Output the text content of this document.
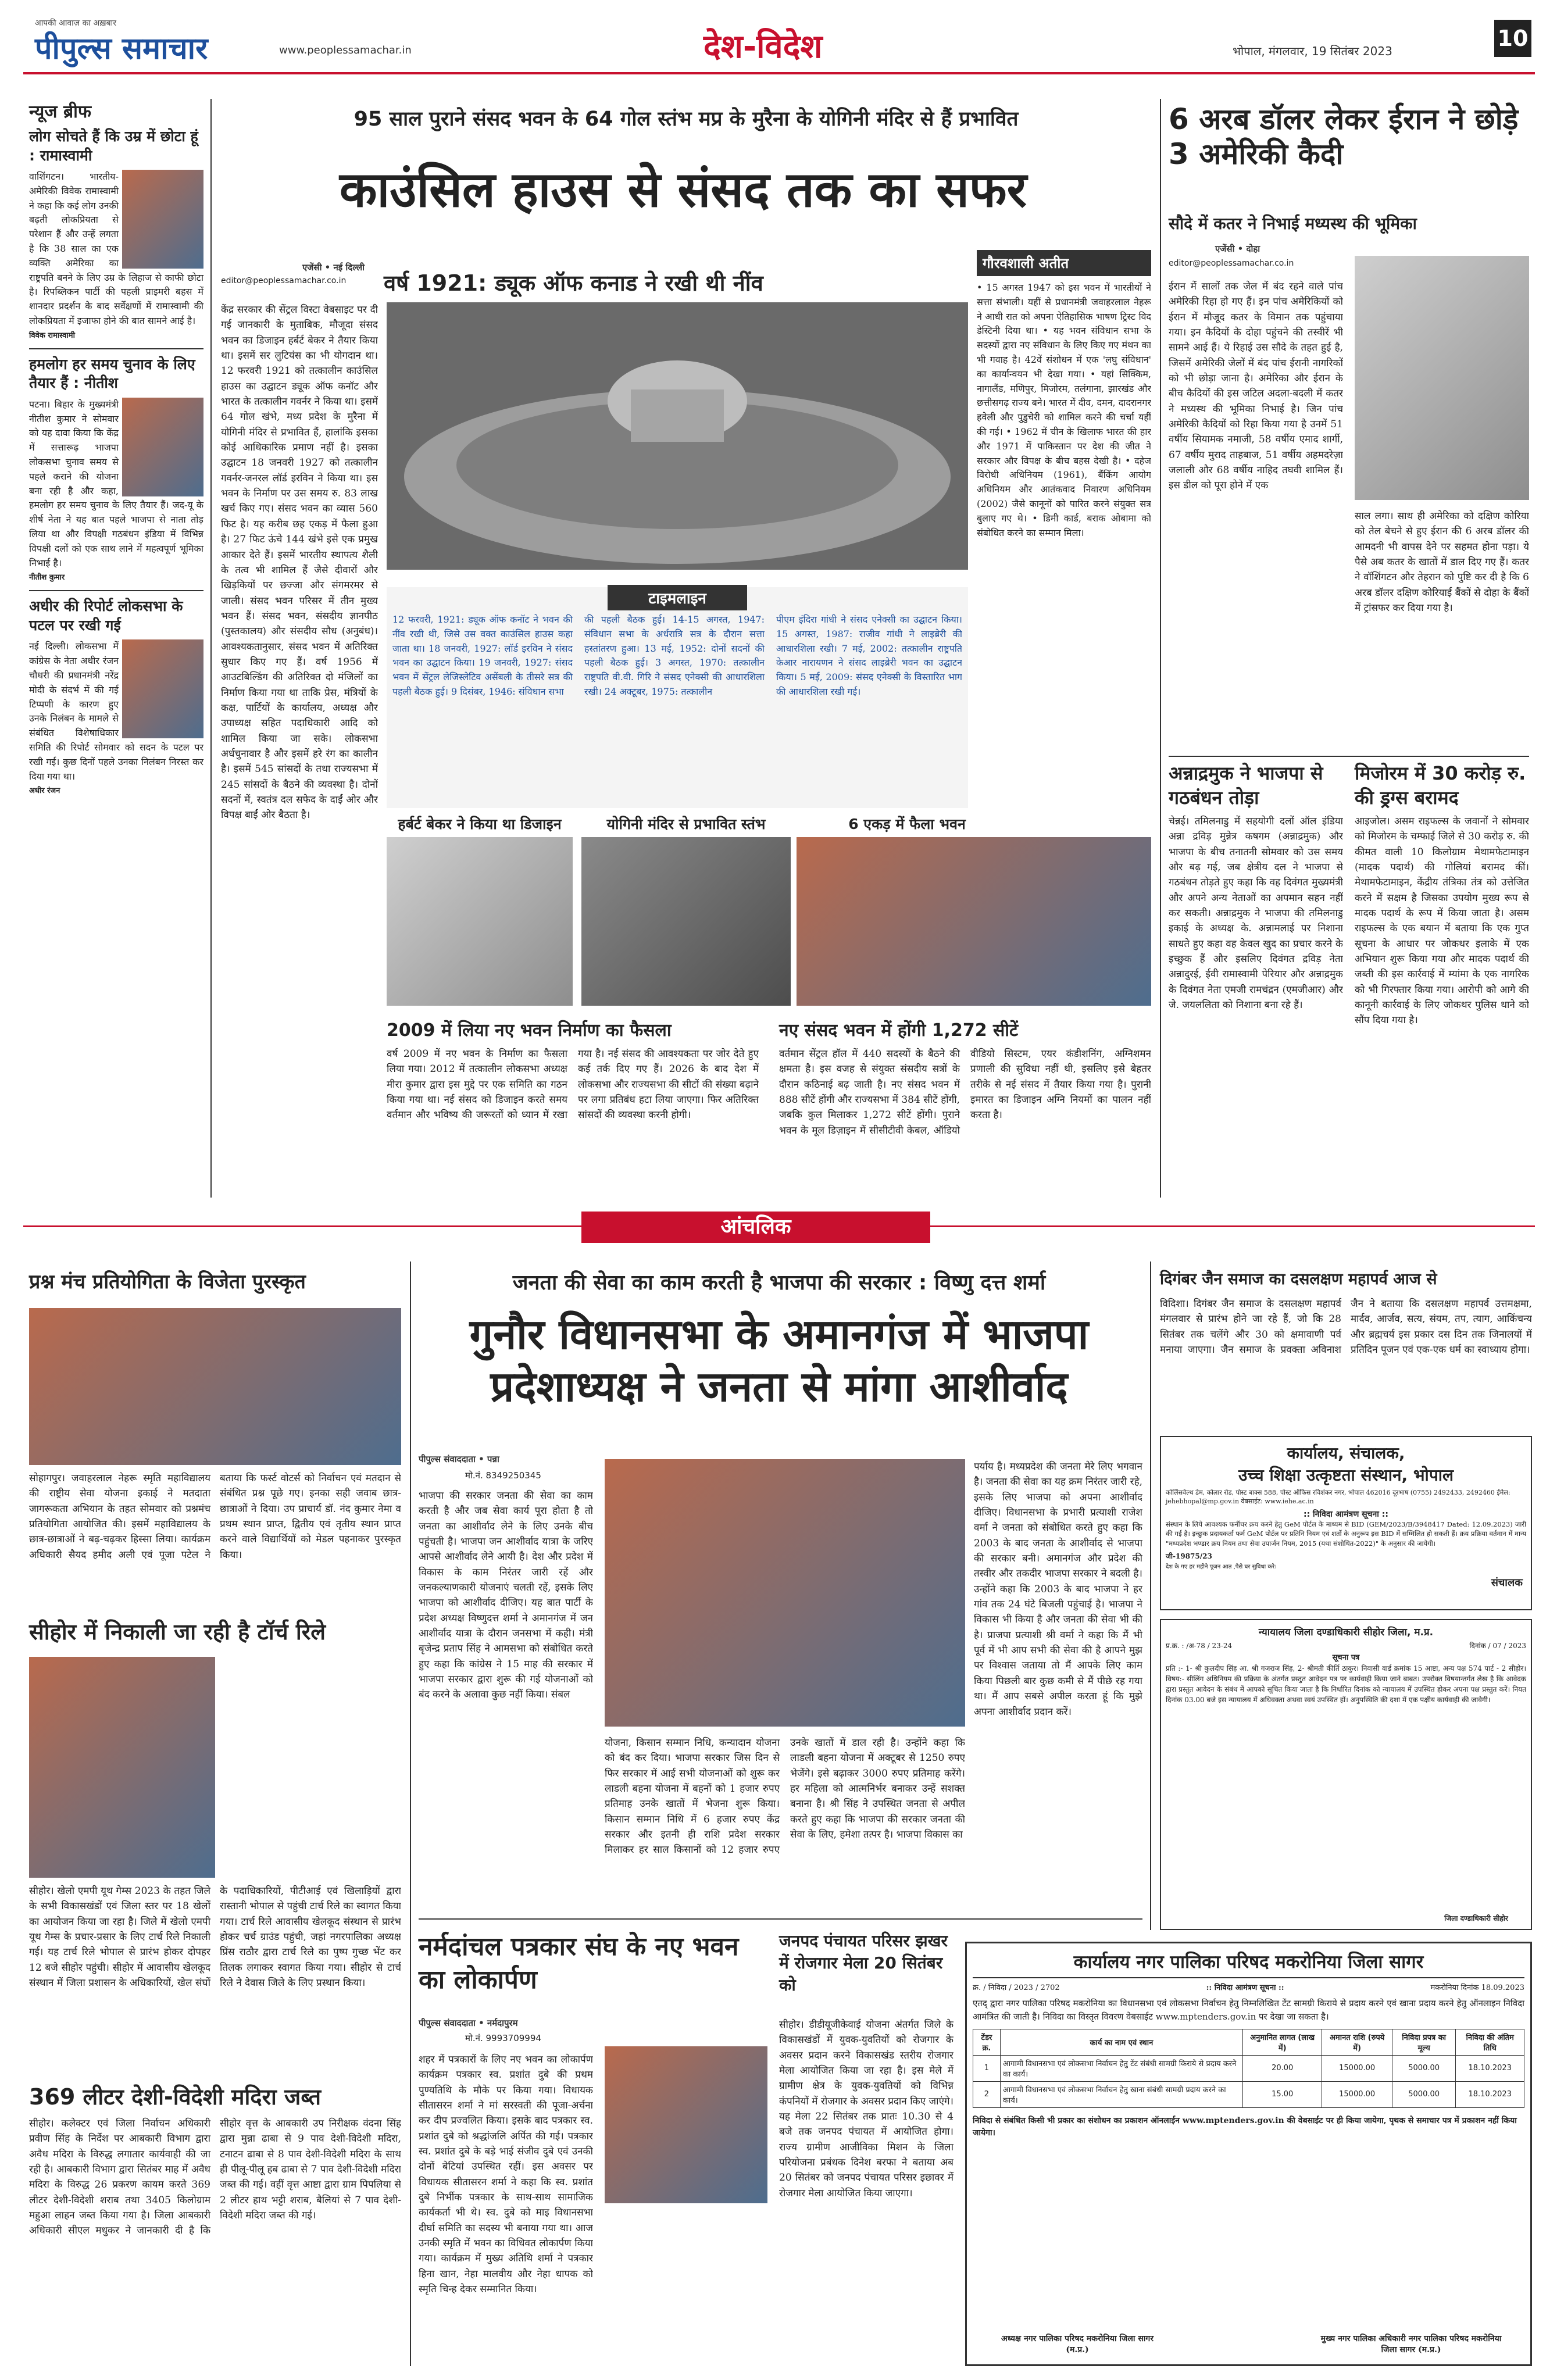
आपकी आवाज़ का अख़बार
पीपुल्स समाचार	www.peoplessamachar.in	देश-विदेश	भोपाल, मंगलवार, 19 सितंबर 2023	10
न्यूज ब्रीफ
लोग सोचते हैं कि उम्र में छोटा हूं : रामास्वामी
वाशिंगटन। भारतीय-अमेरिकी विवेक रामास्वामी ने कहा कि कई लोग उनकी बढ़ती लोकप्रियता से परेशान हैं और उन्हें लगता है कि 38 साल का एक व्यक्ति अमेरिका का राष्ट्रपति बनने के लिए उम्र के लिहाज से काफी छोटा है। रिपब्लिकन पार्टी की पहली प्राइमरी बहस में शानदार प्रदर्शन के बाद सर्वेक्षणों में रामास्वामी की लोकप्रियता में इजाफा होने की बात सामने आई है।
विवेक रामास्वामी
हमलोग हर समय चुनाव के लिए तैयार हैं : नीतीश
पटना। बिहार के मुख्यमंत्री नीतीश कुमार ने सोमवार को यह दावा किया कि केंद्र में सत्तारूढ़ भाजपा लोकसभा चुनाव समय से पहले कराने की योजना बना रही है और कहा, हमलोग हर समय चुनाव के लिए तैयार हैं। जद-यू के शीर्ष नेता ने यह बात पहले भाजपा से नाता तोड़ लिया था और विपक्षी गठबंधन इंडिया में विभिन्न विपक्षी दलों को एक साथ लाने में महत्वपूर्ण भूमिका निभाई है।
नीतीश कुमार
अधीर की रिपोर्ट लोकसभा के पटल पर रखी गई
नई दिल्ली। लोकसभा में कांग्रेस के नेता अधीर रंजन चौधरी की प्रधानमंत्री नरेंद्र मोदी के संदर्भ में की गई टिप्पणी के कारण हुए उनके निलंबन के मामले से संबंधित विशेषाधिकार समिति की रिपोर्ट सोमवार को सदन के पटल पर रखी गई। कुछ दिनों पहले उनका निलंबन निरस्त कर दिया गया था।
अधीर रंजन
95 साल पुराने संसद भवन के 64 गोल स्तंभ मप्र के मुरैना के योगिनी मंदिर से हैं प्रभावित
काउंसिल हाउस से संसद तक का सफर
एजेंसी • नई दिल्ली
editor@peoplessamachar.co.in वर्ष 1921: ड्यूक ऑफ कनाड ने रखी थी नींव
केंद्र सरकार की सेंट्रल विस्टा वेबसाइट पर दी गई जानकारी के मुताबिक, मौजूदा संसद भवन का डिजाइन हर्बर्ट बेकर ने तैयार किया था। इसमें सर लुटियंस का भी योगदान था। 12 फरवरी 1921 को तत्कालीन काउंसिल हाउस का उद्घाटन ड्यूक ऑफ कनॉट और भारत के तत्कालीन गवर्नर ने किया था। इसमें 64 गोल खंभे, मध्य प्रदेश के मुरैना में योगिनी मंदिर से प्रभावित हैं, हालांकि इसका कोई आधिकारिक प्रमाण नहीं है। इसका उद्घाटन 18 जनवरी 1927 को तत्कालीन गवर्नर-जनरल लॉर्ड इरविन ने किया था। इस भवन के निर्माण पर उस समय रु. 83 लाख खर्च किए गए। संसद भवन का व्यास 560 फिट है। यह करीब छह एकड़ में फैला हुआ है। 27 फिट ऊंचे 144 खंभे इसे एक प्रमुख आकार देते हैं। इसमें भारतीय स्थापत्य शैली के तत्व भी शामिल हैं जैसे दीवारों और खिड़कियों पर छज्जा और संगमरमर से जाली। संसद भवन परिसर में तीन मुख्य भवन हैं। संसद भवन, संसदीय ज्ञानपीठ (पुस्तकालय) और संसदीय सौध (अनुबंध)। आवश्यकतानुसार, संसद भवन में अतिरिक्त सुधार किए गए हैं। वर्ष 1956 में आउटबिल्डिंग की अतिरिक्त दो मंजिलों का निर्माण किया गया था ताकि प्रेस, मंत्रियों के कक्ष, पार्टियों के कार्यालय, अध्यक्ष और उपाध्यक्ष सहित पदाधिकारी आदि को शामिल किया जा सके। लोकसभा अर्धचुनावार है और इसमें हरे रंग का कालीन है। इसमें 545 सांसदों के तथा राज्यसभा में 245 सांसदों के बैठने की व्यवस्था है। दोनों सदनों में, स्वतंत्र दल सफेद के दाईं ओर और विपक्ष बाईं ओर बैठता है।
टाइमलाइन
12 फरवरी, 1921: ड्यूक ऑफ कनॉट ने भवन की नींव रखी थी, जिसे उस वक्त काउंसिल हाउस कहा जाता था। 18 जनवरी, 1927: लॉर्ड इरविन ने संसद भवन का उद्घाटन किया। 19 जनवरी, 1927: संसद भवन में सेंट्रल लेजिस्लेटिव असेंबली के तीसरे सत्र की पहली बैठक हुई। 9 दिसंबर, 1946: संविधान सभा
की पहली बैठक हुई। 14-15 अगस्त, 1947: संविधान सभा के अर्धरात्रि सत्र के दौरान सत्ता हस्तांतरण हुआ। 13 मई, 1952: दोनों सदनों की पहली बैठक हुई। 3 अगस्त, 1970: तत्कालीन राष्ट्रपति वी.वी. गिरि ने संसद एनेक्सी की आधारशिला रखी। 24 अक्टूबर, 1975: तत्कालीन
पीएम इंदिरा गांधी ने संसद एनेक्सी का उद्घाटन किया। 15 अगस्त, 1987: राजीव गांधी ने लाइब्रेरी की आधारशिला रखी। 7 मई, 2002: तत्कालीन राष्ट्रपति केआर नारायणन ने संसद लाइब्रेरी भवन का उद्घाटन किया। 5 मई, 2009: संसद एनेक्सी के विस्तारित भाग की आधारशिला रखी गई।
गौरवशाली अतीत
• 15 अगस्त 1947 को इस भवन में भारतीयों ने सत्ता संभाली। यहीं से प्रधानमंत्री जवाहरलाल नेहरू ने आधी रात को अपना ऐतिहासिक भाषण ट्रिस्ट विद डेस्टिनी दिया था। • यह भवन संविधान सभा के सदस्यों द्वारा नए संविधान के लिए किए गए मंथन का भी गवाह है। 42वें संशोधन में एक 'लघु संविधान' का कार्यान्वयन भी देखा गया। • यहां सिक्किम, नागालैंड, मणिपुर, मिजोरम, तलंगाना, झारखंड और छत्तीसगढ़ राज्य बने। भारत में दीव, दमन, दादरानगर हवेली और पुडुचेरी को शामिल करने की चर्चा यहीं की गई। • 1962 में चीन के खिलाफ भारत की हार और 1971 में पाकिस्तान पर देश की जीत ने सरकार और विपक्ष के बीच बहस देखी है। • दहेज विरोधी अधिनियम (1961), बैंकिंग आयोग अधिनियम और आतंकवाद निवारण अधिनियम (2002) जैसे कानूनों को पारित करने संयुक्त सत्र बुलाए गए थे। • डिमी कार्ड, बराक ओबामा को संबोधित करने का सम्मान मिला।
हर्बर्ट बेकर ने किया था डिजाइन	योगिनी मंदिर से प्रभावित स्तंभ	6 एकड़ में फैला भवन
2009 में लिया नए भवन निर्माण का फैसला
वर्ष 2009 में नए भवन के निर्माण का फैसला लिया गया। 2012 में तत्कालीन लोकसभा अध्यक्ष मीरा कुमार द्वारा इस मुद्दे पर एक समिति का गठन किया गया था। नई संसद को डिजाइन करते समय वर्तमान और भविष्य की जरूरतों को ध्यान में रखा गया है। नई संसद की आवश्यकता पर जोर देते हुए कई तर्क दिए गए हैं। 2026 के बाद देश में लोकसभा और राज्यसभा की सीटों की संख्या बढ़ाने पर लगा प्रतिबंध हटा लिया जाएगा। फिर अतिरिक्त सांसदों की व्यवस्था करनी होगी।
नए संसद भवन में होंगी 1,272 सीटें
वर्तमान सेंट्रल हॉल में 440 सदस्यों के बैठने की क्षमता है। इस वजह से संयुक्त संसदीय सत्रों के दौरान कठिनाई बढ़ जाती है। नए संसद भवन में 888 सीटें होंगी और राज्यसभा में 384 सीटें होंगी, जबकि कुल मिलाकर 1,272 सीटें होंगी। पुराने भवन के मूल डिज़ाइन में सीसीटीवी केबल, ऑडियो वीडियो सिस्टम, एयर कंडीशनिंग, अग्निशमन प्रणाली की सुविधा नहीं थी, इसलिए इसे बेहतर तरीके से नई संसद में तैयार किया गया है। पुरानी इमारत का डिजाइन अग्नि नियमों का पालन नहीं करता है।
6 अरब डॉलर लेकर ईरान ने छोड़े 3 अमेरिकी कैदी
सौदे में कतर ने निभाई मध्यस्थ की भूमिका
एजेंसी • दोहा
editor@peoplessamachar.co.in
ईरान में सालों तक जेल में बंद रहने वाले पांच अमेरिकी रिहा हो गए हैं। इन पांच अमेरिकियों को ईरान में मौजूद कतर के विमान तक पहुंचाया गया। इन कैदियों के दोहा पहुंचने की तस्वीरें भी सामने आई हैं। ये रिहाई उस सौदे के तहत हुई है, जिसमें अमेरिकी जेलों में बंद पांच ईरानी नागरिकों को भी छोड़ा जाना है। अमेरिका और ईरान के बीच कैदियों की इस जटिल अदला-बदली में कतर ने मध्यस्थ की भूमिका निभाई है। जिन पांच अमेरिकी कैदियों को रिहा किया गया है उनमें 51 वर्षीय सियामक नमाजी, 58 वर्षीय एमाद शार्गी, 67 वर्षीय मुराद ताहबाज, 51 वर्षीय अहमदरेज़ा जलाली और 68 वर्षीय नाहिद तघवी शामिल हैं। इस डील को पूरा होने में एक
साल लगा। साथ ही अमेरिका को दक्षिण कोरिया को तेल बेचने से हुए ईरान की 6 अरब डॉलर की आमदनी भी वापस देने पर सहमत होना पड़ा। ये पैसे अब कतर के खातों में डाल दिए गए हैं। कतर ने वॉशिंगटन और तेहरान को पुष्टि कर दी है कि 6 अरब डॉलर दक्षिण कोरियाई बैंकों से दोहा के बैंकों में ट्रांसफर कर दिया गया है।
अन्नाद्रमुक ने भाजपा से गठबंधन तोड़ा
चेन्नई। तमिलनाडु में सहयोगी दलों ऑल इंडिया अन्ना द्रविड़ मुन्नेत्र कषगम (अन्नाद्रमुक) और भाजपा के बीच तनातनी सोमवार को उस समय और बढ़ गई, जब क्षेत्रीय दल ने भाजपा से गठबंधन तोड़ते हुए कहा कि वह दिवंगत मुख्यमंत्री और अपने अन्य नेताओं का अपमान सहन नहीं कर सकती। अन्नाद्रमुक ने भाजपा की तमिलनाडु इकाई के अध्यक्ष के. अन्नामलाई पर निशाना साधते हुए कहा वह केवल खुद का प्रचार करने के इच्छुक हैं और इसलिए दिवंगत द्रविड़ नेता अन्नादुरई, ईवी रामास्वामी पेरियार और अन्नाद्रमुक के दिवंगत नेता एमजी रामचंद्रन (एमजीआर) और जे. जयललिता को निशाना बना रहे हैं।
मिजोरम में 30 करोड़ रु. की ड्रग्स बरामद
आइजोल। असम राइफल्स के जवानों ने सोमवार को मिजोरम के चम्फाई जिले से 30 करोड़ रु. की कीमत वाली 10 किलोग्राम मेथामफेटामाइन (मादक पदार्थ) की गोलियां बरामद कीं। मेथामफेटामाइन, केंद्रीय तंत्रिका तंत्र को उत्तेजित करने में सक्षम है जिसका उपयोग मुख्य रूप से मादक पदार्थ के रूप में किया जाता है। असम राइफल्स के एक बयान में बताया कि एक गुप्त सूचना के आधार पर जोकथर इलाके में एक अभियान शुरू किया गया और मादक पदार्थ की जब्ती की इस कार्रवाई में म्यांमा के एक नागरिक को भी गिरफ्तार किया गया। आरोपी को आगे की कानूनी कार्रवाई के लिए जोकथर पुलिस थाने को सौंप दिया गया है।
आंचलिक
प्रश्न मंच प्रतियोगिता के विजेता पुरस्कृत
सोहागपुर। जवाहरलाल नेहरू स्मृति महाविद्यालय की राष्ट्रीय सेवा योजना इकाई ने मतदाता जागरूकता अभियान के तहत सोमवार को प्रश्नमंच प्रतियोगिता आयोजित की। इसमें महाविद्यालय के छात्र-छात्राओं ने बढ़-चढ़कर हिस्सा लिया। कार्यक्रम अधिकारी सैयद हमीद अली एवं पूजा पटेल ने बताया कि फर्स्ट वोटर्स को निर्वाचन एवं मतदान से संबंधित प्रश्न पूछे गए। इनका सही जवाब छात्र-छात्राओं ने दिया। उप प्राचार्य डॉ. नंद कुमार नेमा व प्रथम स्थान प्राप्त, द्वितीय एवं तृतीय स्थान प्राप्त करने वाले विद्यार्थियों को मेडल पहनाकर पुरस्कृत किया।
सीहोर में निकाली जा रही है टॉर्च रिले
सीहोर। खेलो एमपी यूथ गेम्स 2023 के तहत जिले के सभी विकासखंडों एवं जिला स्तर पर 18 खेलों का आयोजन किया जा रहा है। जिले में खेलो एमपी यूथ गेम्स के प्रचार-प्रसार के लिए टार्च रिले निकाली गई। यह टार्च रिले भोपाल से प्रारंभ होकर दोपहर 12 बजे सीहोर पहुंची। सीहोर में आवासीय खेलकूद संस्थान में जिला प्रशासन के अधिकारियों, खेल संघों के पदाधिकारियों, पीटीआई एवं खिलाड़ियों द्वारा रास्तानी भोपाल से पहुंची टार्च रिले का स्वागत किया गया। टार्च रिले आवासीय खेलकूद संस्थान से प्रारंभ होकर चर्च ग्राउंड पहुंची, जहां नगरपालिका अध्यक्ष प्रिंस राठौर द्वारा टार्च रिले का पुष्प गुच्छ भेंट कर तिलक लगाकर स्वागत किया गया। सीहोर से टार्च रिले ने देवास जिले के लिए प्रस्थान किया।
369 लीटर देशी-विदेशी मदिरा जब्त
सीहोर। कलेक्टर एवं जिला निर्वाचन अधिकारी प्रवीण सिंह के निर्देश पर आबकारी विभाग द्वारा अवैध मदिरा के विरुद्ध लगातार कार्यवाही की जा रही है। आबकारी विभाग द्वारा सितंबर माह में अवैध मदिरा के विरुद्ध 26 प्रकरण कायम करते 369 लीटर देशी-विदेशी शराब तथा 3405 किलोग्राम महुआ लाहन जब्त किया गया है। जिला आबकारी अधिकारी सीएल मधुकर ने जानकारी दी है कि सीहोर वृत्त के आबकारी उप निरीक्षक वंदना सिंह द्वारा मुन्ना ढाबा से 9 पाव देशी-विदेशी मदिरा, टनाटन ढाबा से 8 पाव देशी-विदेशी मदिरा के साथ ही पीलू-पीलू हब ढाबा से 7 पाव देशी-विदेशी मदिरा जब्त की गई। वहीं वृत्त आष्टा द्वारा ग्राम पिपलिया से 2 लीटर हाथ भट्टी शराब, बैलियां से 7 पाव देशी-विदेशी मदिरा जब्त की गई।
जनता की सेवा का काम करती है भाजपा की सरकार : विष्णु दत्त शर्मा
गुनौर विधानसभा के अमानगंज में भाजपा प्रदेशाध्यक्ष ने जनता से मांगा आशीर्वाद
पीपुल्स संवाददाता • पन्ना
मो.नं. 8349250345
भाजपा की सरकार जनता की सेवा का काम करती है और जब सेवा कार्य पूरा होता है तो जनता का आशीर्वाद लेने के लिए उनके बीच पहुंचती है। भाजपा जन आशीर्वाद यात्रा के जरिए आपसे आशीर्वाद लेने आयी है। देश और प्रदेश में विकास के काम निरंतर जारी रहें और जनकल्याणकारी योजनाएं चलती रहें, इसके लिए भाजपा को आशीर्वाद दीजिए। यह बात पार्टी के प्रदेश अध्यक्ष विष्णुदत्त शर्मा ने अमानगंज में जन आशीर्वाद यात्रा के दौरान जनसभा में कही। मंत्री बृजेन्द्र प्रताप सिंह ने आमसभा को संबोधित करते हुए कहा कि कांग्रेस ने 15 माह की सरकार में भाजपा सरकार द्वारा शुरू की गई योजनाओं को बंद करने के अलावा कुछ नहीं किया। संबल
योजना, किसान सम्मान निधि, कन्यादान योजना को बंद कर दिया। भाजपा सरकार जिस दिन से फिर सरकार में आई सभी योजनाओं को शुरू कर लाडली बहना योजना में बहनों को 1 हजार रुपए प्रतिमाह उनके खातों में भेजना शुरू किया। किसान सम्मान निधि में 6 हजार रुपए केंद्र सरकार और इतनी ही राशि प्रदेश सरकार मिलाकर हर साल किसानों को 12 हजार रुपए उनके खातों में डाल रही है। उन्होंने कहा कि लाडली बहना योजना में अक्टूबर से 1250 रुपए भेजेंगे। इसे बढ़ाकर 3000 रुपए प्रतिमाह करेंगे। हर महिला को आत्मनिर्भर बनाकर उन्हें सशक्त बनाना है। श्री सिंह ने उपस्थित जनता से अपील करते हुए कहा कि भाजपा की सरकार जनता की सेवा के लिए, हमेशा तत्पर है। भाजपा विकास का
पर्याय है। मध्यप्रदेश की जनता मेरे लिए भगवान है। जनता की सेवा का यह क्रम निरंतर जारी रहे, इसके लिए भाजपा को अपना आशीर्वाद दीजिए। विधानसभा के प्रभारी प्रत्याशी राजेश वर्मा ने जनता को संबोधित करते हुए कहा कि 2003 के बाद जनता के आशीर्वाद से भाजपा की सरकार बनी। अमानगंज और प्रदेश की तस्वीर और तकदीर भाजपा सरकार ने बदली है। उन्होंने कहा कि 2003 के बाद भाजपा ने हर गांव तक 24 घंटे बिजली पहुंचाई है। भाजपा ने विकास भी किया है और जनता की सेवा भी की है। प्राजपा प्रत्याशी श्री वर्मा ने कहा कि मैं भी पूर्व में भी आप सभी की सेवा की है आपने मुझ पर विश्वास जताया तो मैं आपके लिए काम किया पिछली बार कुछ कमी से मैं पीछे रह गया था। मैं आप सबसे अपील करता हूं कि मुझे अपना आशीर्वाद प्रदान करें।
नर्मदांचल पत्रकार संघ के नए भवन का लोकार्पण
पीपुल्स संवाददाता • नर्मदापुरम
मो.नं. 9993709994
शहर में पत्रकारों के लिए नए भवन का लोकार्पण कार्यक्रम पत्रकार स्व. प्रशांत दुबे की प्रथम पुण्यतिथि के मौके पर किया गया। विधायक सीतासरन शर्मा ने मां सरस्वती की पूजा-अर्चना कर दीप प्रज्वलित किया। इसके बाद पत्रकार स्व. प्रशांत दुबे को श्रद्धांजलि अर्पित की गई। पत्रकार स्व. प्रशांत दुबे के बड़े भाई संजीव दुबे एवं उनकी दोनों बेटियां उपस्थित रहीं। इस अवसर पर विधायक सीतासरन शर्मा ने कहा कि स्व. प्रशांत दुबे निर्भीक पत्रकार के साथ-साथ सामाजिक कार्यकर्ता भी थे। स्व. दुबे को माइ विधानसभा दीर्घा समिति का सदस्य भी बनाया गया था। आज उनकी स्मृति में भवन का विधिवत लोकार्पण किया गया। कार्यक्रम में मुख्य अतिथि शर्मा ने पत्रकार हिना खान, नेहा मालवीय और नेहा धापक को स्मृति चिन्ह देकर सम्मानित किया।
जनपद पंचायत परिसर झखर में रोजगार मेला 20 सितंबर को
सीहोर। डीडीयूजीकेवाई योजना अंतर्गत जिले के विकासखंडों में युवक-युवतियों को रोजगार के अवसर प्रदान करने विकासखंड स्तरीय रोजगार मेला आयोजित किया जा रहा है। इस मेले में ग्रामीण क्षेत्र के युवक-युवतियों को विभिन्न कंपनियों में रोजगार के अवसर प्रदान किए जाएंगे। यह मेला 22 सितंबर तक प्रातः 10.30 से 4 बजे तक जनपद पंचायत में आयोजित होगा। राज्य ग्रामीण आजीविका मिशन के जिला परियोजना प्रबंधक दिनेश बरफा ने बताया अब 20 सितंबर को जनपद पंचायत परिसर इछावर में रोजगार मेला आयोजित किया जाएगा।
दिगंबर जैन समाज का दसलक्षण महापर्व आज से
विदिशा। दिगंबर जैन समाज के दसलक्षण महापर्व मंगलवार से प्रारंभ होने जा रहे हैं, जो कि 28 सितंबर तक चलेंगे और 30 को क्षमावाणी पर्व मनाया जाएगा। जैन समाज के प्रवक्ता अविनाश जैन ने बताया कि दसलक्षण महापर्व उत्तमक्षमा, मार्दव, आर्जव, सत्य, संयम, तप, त्याग, आकिंचन्य और ब्रह्मचर्य इस प्रकार दस दिन तक जिनालयों में प्रतिदिन पूजन एवं एक-एक धर्म का स्वाध्याय होगा।
कार्यालय, संचालक,
उच्च शिक्षा उत्कृष्टता संस्थान, भोपाल
कोलिंसवेल्थ डेम, कोलार रोड, पोस्ट बाक्स 588, पोस्ट ऑफिस रविशंकर नगर, भोपाल 462016 दूरभाष (0755) 2492433, 2492460 ईमेल: jehebhopal@mp.gov.in वेबसाईट: www.iehe.ac.in
:: निविदा आमंत्रण सूचना ::
संस्थान के लिये आवश्यक फर्नीचर क्रय करने हेतु GeM पोर्टल के माध्यम से BID (GEM/2023/B/3948417 Dated: 12.09.2023) जारी की गई है। इच्छुक प्रदायकर्ता फर्म GeM पोर्टल पर प्रतिनि नियम एवं शर्तो के अनुरूप इस BID में सम्मिलित हो सकती हैं। क्रय प्रक्रिया वर्तमान में मान्य "मध्यप्रदेश भण्डार क्रय नियम तथा सेवा उपार्जन नियम, 2015 (यथा संशोधित-2022)" के अनुसार की जायेगी।
जी-19875/23
संचालक
देश के गए हर महीने पूजन आत ,पैसे घर सुविधा करे।
न्यायालय जिला दण्डाधिकारी सीहोर जिला, म.प्र.
प्र.क्र. : /अ-78 / 23-24	दिनांक / 07 / 2023
सूचना पत्र
प्रति :- 1- श्री कुलदीप सिंह आ. श्री गजराज सिंह, 2- श्रीमती कीर्ति ठाकुर। निवासी वार्ड क्रमांक 15 आष्टा, अन्य पक्ष 574 पार्ट - 2 सीहोर। विषय:- सीलिंग अधिनियम की प्रक्रिया के अंतर्गत प्रस्तुत आवेदन पत्र पर कार्यवाही किया जाने बाबत। उपरोक्त विषयान्तर्गत लेख है कि आवेदक द्वारा प्रस्तुत आवेदन के संबंध में आपको सूचित किया जाता है कि निर्धारित दिनांक को न्यायालय में उपस्थित होकर अपना पक्ष प्रस्तुत करें। नियत दिनांक 03.00 बजे इस न्यायालय में अधिवक्ता अथवा स्वयं उपस्थित हों। अनुपस्थिति की दशा में एक पक्षीय कार्यवाही की जावेगी।
जिला दण्डाधिकारी सीहोर
कार्यालय नगर पालिका परिषद मकरोनिया जिला सागर
क्र. / निविदा / 2023 / 2702	:: निविदा आमंत्रण सूचना ::	मकरोनिया दिनांक 18.09.2023
एतद् द्वारा नगर पालिका परिषद मकरोनिया का विधानसभा एवं लोकसभा निर्वाचन हेतु निम्नलिखित टेंट सामग्री किराये से प्रदाय करने एवं खाना प्रदाय करने हेतु ऑनलाइन निविदा आमंत्रित की जाती है। निविदा का विस्तृत विवरण वेबसाईट www.mptenders.gov.in पर देखा जा सकता है।
टेंडर क्र.	कार्य का नाम एवं स्थान	अनुमानित लागत (लाख में)	अमानत राशि (रुपये में)	निविदा प्रपत्र का मूल्य	निविदा की अंतिम तिथि
1	आगामी विधानसभा एवं लोकसभा निर्वाचन हेतु टेंट संबंधी सामग्री किराये से प्रदाय करने का कार्य।	20.00	15000.00	5000.00	18.10.2023
2	आगामी विधानसभा एवं लोकसभा निर्वाचन हेतु खाना संबंधी सामग्री प्रदाय करने का कार्य।	15.00	15000.00	5000.00	18.10.2023
निविदा से संबंधित किसी भी प्रकार का संशोधन का प्रकाशन ऑनलाईन www.mptenders.gov.in की वेबसाईट पर ही किया जायेगा, पृथक से समाचार पत्र में प्रकाशन नहीं किया जायेगा।
अध्यक्ष नगर पालिका परिषद मकरोनिया जिला सागर (म.प्र.)
मुख्य नगर पालिका अधिकारी नगर पालिका परिषद मकरोनिया जिला सागर (म.प्र.)
